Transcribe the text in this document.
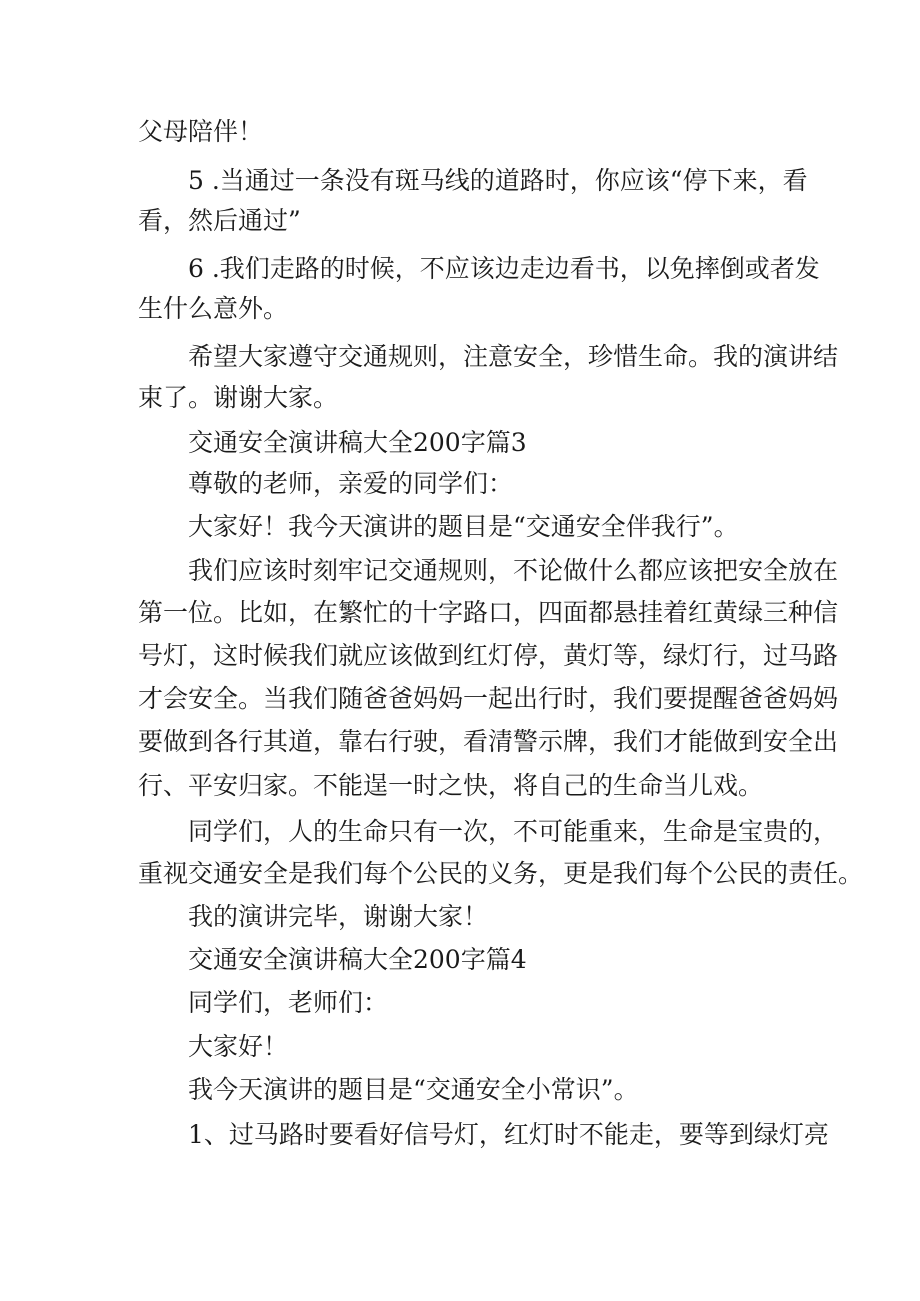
父母陪伴！
5 .当通过一条没有斑马线的道路时，你应该“停下来，看
看，然后通过”
6 .我们走路的时候，不应该边走边看书，以免摔倒或者发
生什么意外。
希望大家遵守交通规则，注意安全，珍惜生命。我的演讲结
束了。谢谢大家。
交通安全演讲稿大全200字篇3
尊敬的老师，亲爱的同学们：
大家好！我今天演讲的题目是“交通安全伴我行”。
我们应该时刻牢记交通规则，不论做什么都应该把安全放在
第一位。比如，在繁忙的十字路口，四面都悬挂着红黄绿三种信
号灯，这时候我们就应该做到红灯停，黄灯等，绿灯行，过马路
才会安全。当我们随爸爸妈妈一起出行时，我们要提醒爸爸妈妈
要做到各行其道，靠右行驶，看清警示牌，我们才能做到安全出
行、平安归家。不能逞一时之快，将自己的生命当儿戏。
同学们，人的生命只有一次，不可能重来，生命是宝贵的，
重视交通安全是我们每个公民的义务，更是我们每个公民的责任。
我的演讲完毕，谢谢大家！
交通安全演讲稿大全200字篇4
同学们，老师们：
大家好！
我今天演讲的题目是“交通安全小常识”。
1、过马路时要看好信号灯，红灯时不能走，要等到绿灯亮
